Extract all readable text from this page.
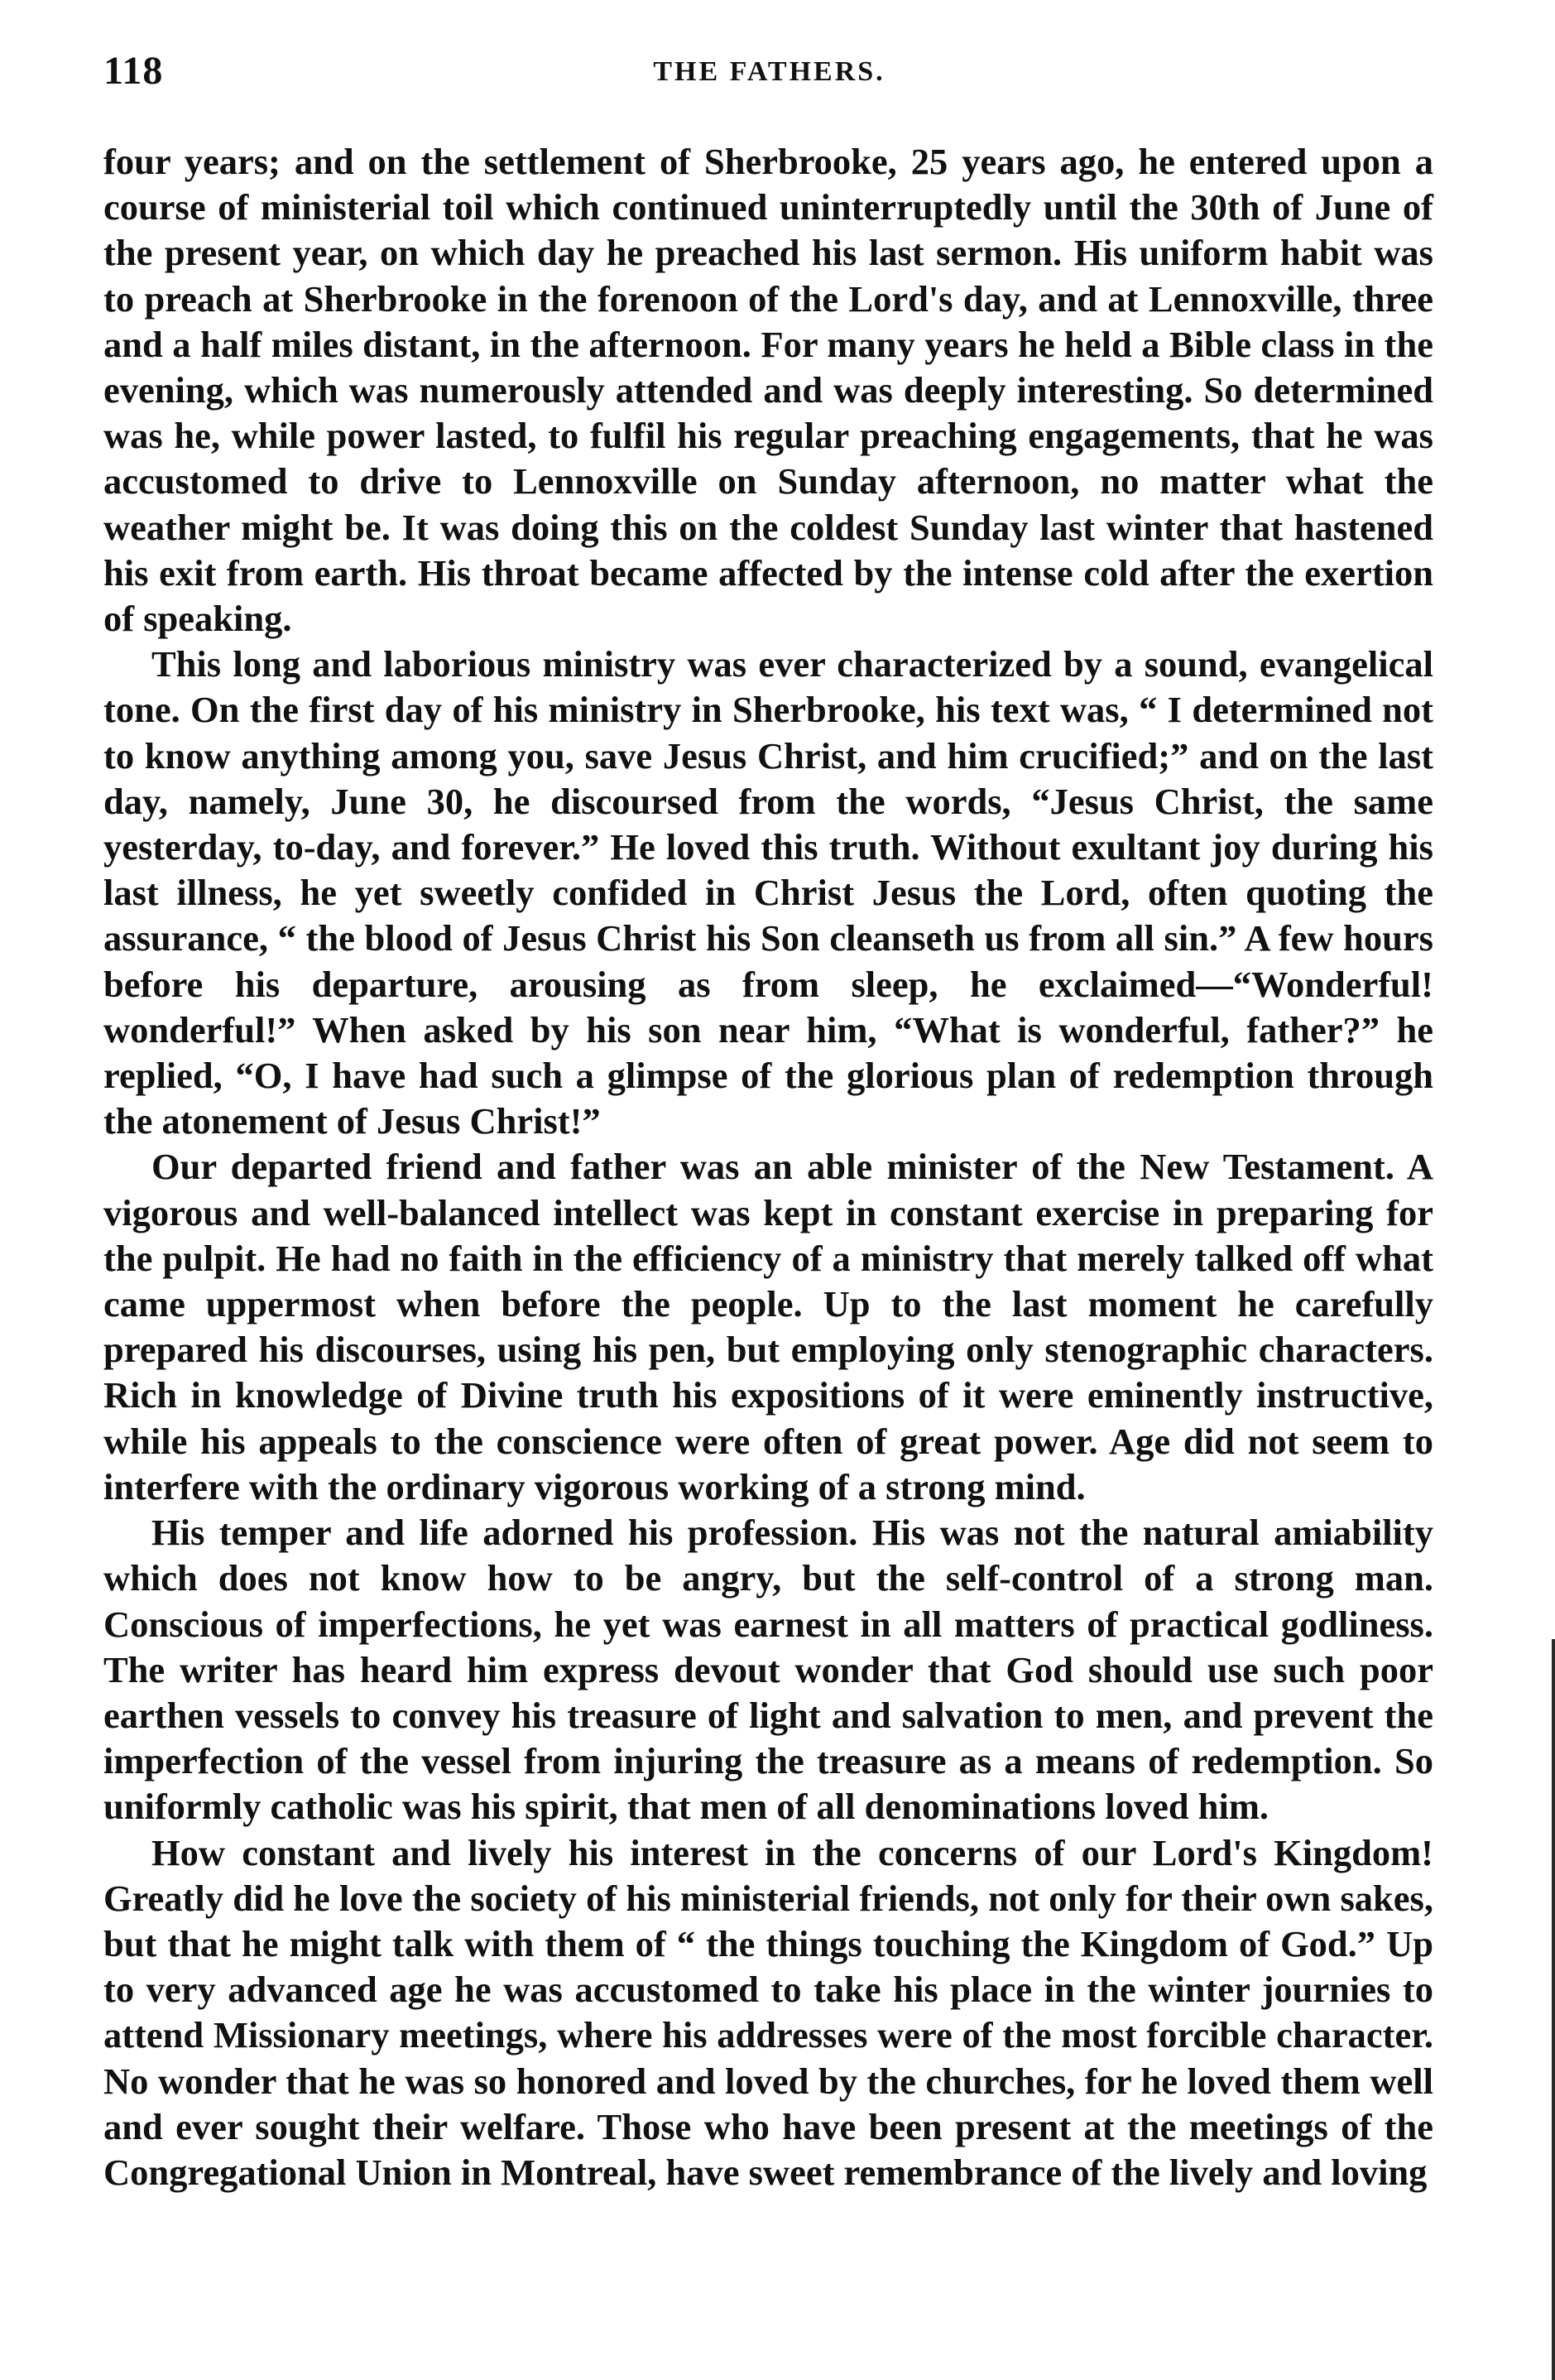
118	THE FATHERS.

four years; and on the settlement of Sherbrooke, 25 years ago, he entered upon a course of ministerial toil which continued uninterruptedly until the 30th of June of the present year, on which day he preached his last sermon. His uniform habit was to preach at Sherbrooke in the forenoon of the Lord's day, and at Lennoxville, three and a half miles distant, in the afternoon. For many years he held a Bible class in the evening, which was numerously attended and was deeply interesting. So determined was he, while power lasted, to fulfil his regular preaching engagements, that he was accustomed to drive to Lennoxville on Sunday afternoon, no matter what the weather might be. It was doing this on the coldest Sunday last winter that hastened his exit from earth. His throat became affected by the intense cold after the exertion of speaking.

This long and laborious ministry was ever characterized by a sound, evangelical tone. On the first day of his ministry in Sherbrooke, his text was, “ I determined not to know anything among you, save Jesus Christ, and him crucified;” and on the last day, namely, June 30, he discoursed from the words, “Jesus Christ, the same yesterday, to-day, and forever.” He loved this truth. Without exultant joy during his last illness, he yet sweetly confided in Christ Jesus the Lord, often quoting the assurance, “ the blood of Jesus Christ his Son cleanseth us from all sin.” A few hours before his departure, arousing as from sleep, he exclaimed—“Wonderful! wonderful!” When asked by his son near him, “What is wonderful, father?” he replied, “O, I have had such a glimpse of the glorious plan of redemption through the atonement of Jesus Christ!”

Our departed friend and father was an able minister of the New Testament. A vigorous and well-balanced intellect was kept in constant exercise in preparing for the pulpit. He had no faith in the efficiency of a ministry that merely talked off what came uppermost when before the people. Up to the last moment he carefully prepared his discourses, using his pen, but employing only stenographic characters. Rich in knowledge of Divine truth his expositions of it were eminently instructive, while his appeals to the conscience were often of great power. Age did not seem to interfere with the ordinary vigorous working of a strong mind.

His temper and life adorned his profession. His was not the natural amiability which does not know how to be angry, but the self-control of a strong man. Conscious of imperfections, he yet was earnest in all matters of practical godliness. The writer has heard him express devout wonder that God should use such poor earthen vessels to convey his treasure of light and salvation to men, and prevent the imperfection of the vessel from injuring the treasure as a means of redemption. So uniformly catholic was his spirit, that men of all denominations loved him.

How constant and lively his interest in the concerns of our Lord's Kingdom! Greatly did he love the society of his ministerial friends, not only for their own sakes, but that he might talk with them of “ the things touching the Kingdom of God.” Up to very advanced age he was accustomed to take his place in the winter journies to attend Missionary meetings, where his addresses were of the most forcible character. No wonder that he was so honored and loved by the churches, for he loved them well and ever sought their welfare. Those who have been present at the meetings of the Congregational Union in Montreal, have sweet remembrance of the lively and loving
